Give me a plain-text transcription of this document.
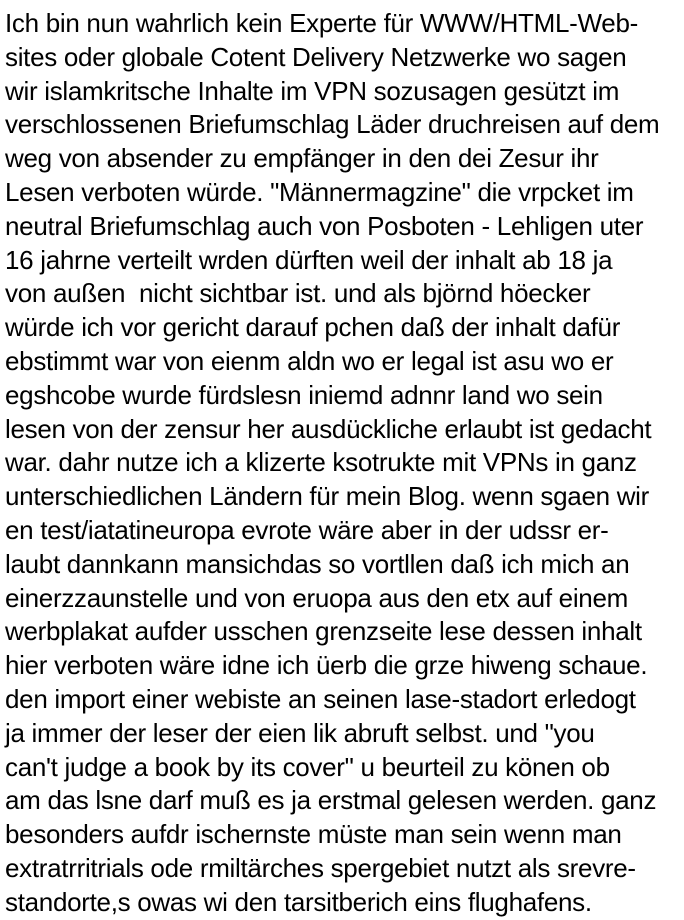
Ich bin nun wahrlich kein Experte für WWW/HTML-Web-
sites oder globale Cotent Delivery Netzwerke wo sagen
wir islamkritsche Inhalte im VPN sozusagen gesützt im
verschlossenen Briefumschlag Läder druchreisen auf dem
weg von absender zu empfänger in den dei Zesur ihr
Lesen verboten würde. "Männermagzine" die vrpcket im
neutral Briefumschlag auch von Posboten - Lehligen uter
16 jahrne verteilt wrden dürften weil der inhalt ab 18 ja
von außen  nicht sichtbar ist. und als björnd höecker
würde ich vor gericht darauf pchen daß der inhalt dafür
ebstimmt war von eienm aldn wo er legal ist asu wo er
egshcobe wurde fürdslesn iniemd adnnr land wo sein
lesen von der zensur her ausdückliche erlaubt ist gedacht
war. dahr nutze ich a klizerte ksotrukte mit VPNs in ganz
unterschiedlichen Ländern für mein Blog. wenn sgaen wir
en test/iatatineuropa evrote wäre aber in der udssr er-
laubt dannkann mansichdas so vortllen daß ich mich an
einerzzaunstelle und von eruopa aus den etx auf einem
werbplakat aufder usschen grenzseite lese dessen inhalt
hier verboten wäre idne ich üerb die grze hiweng schaue.
den import einer webiste an seinen lase-stadort erledogt
ja immer der leser der eien lik abruft selbst. und "you
can't judge a book by its cover" u beurteil zu könen ob
am das lsne darf muß es ja erstmal gelesen werden. ganz
besonders aufdr ischernste müste man sein wenn man
extratrritrials ode rmiltärches spergebiet nutzt als srevre-
standorte,s owas wi den tarsitberich eins flughafens.
